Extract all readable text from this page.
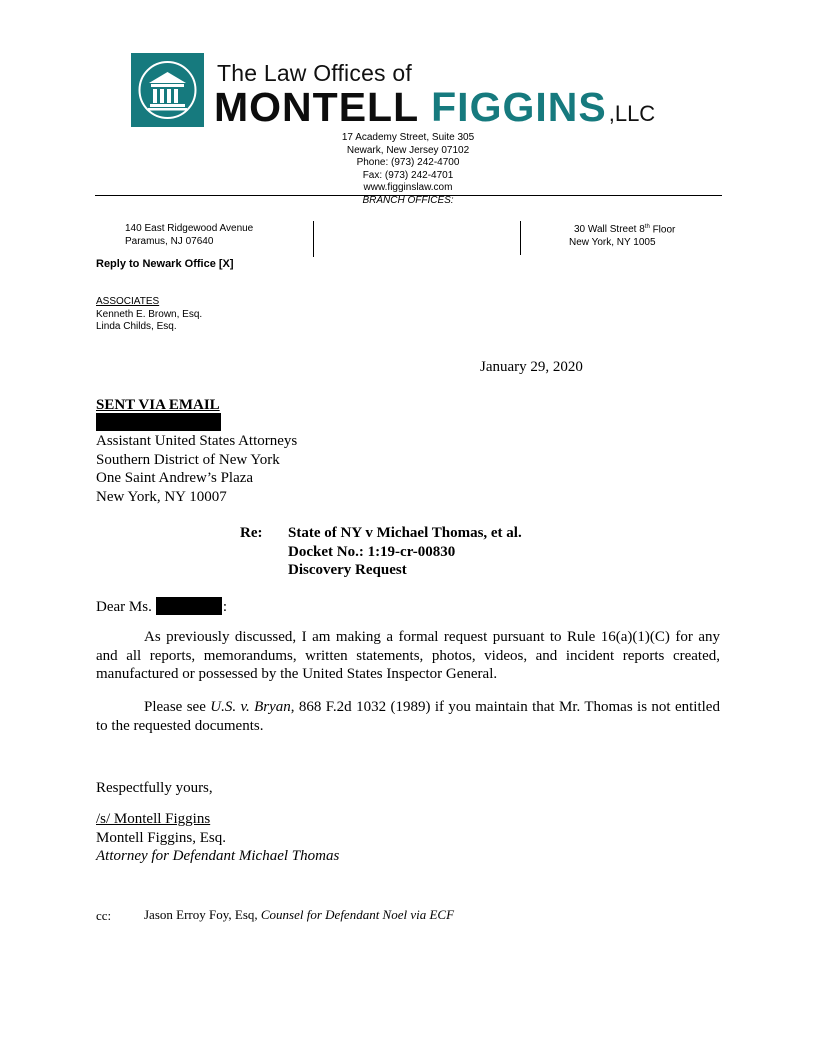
The Law Offices of
MONTELL FIGGINS,LLC
17 Academy Street, Suite 305
Newark, New Jersey 07102
Phone: (973) 242-4700
Fax: (973) 242-4701
www.figginslaw.com
BRANCH OFFICES:
140 East Ridgewood Avenue
Paramus, NJ 07640
30 Wall Street 8th Floor
New York, NY 1005
Reply to Newark Office [X]
ASSOCIATES
Kenneth E. Brown, Esq.
Linda Childs, Esq.
January 29, 2020
SENT VIA EMAIL
Assistant United States Attorneys
Southern District of New York
One Saint Andrew’s Plaza
New York, NY 10007
Re: State of NY v Michael Thomas, et al.
Docket No.: 1:19-cr-00830
Discovery Request
Dear Ms.	:
As previously discussed, I am making a formal request pursuant to Rule 16(a)(1)(C) for any and all reports, memorandums, written statements, photos, videos, and incident reports created, manufactured or possessed by the United States Inspector General.
Please see U.S. v. Bryan, 868 F.2d 1032 (1989) if you maintain that Mr. Thomas is not entitled to the requested documents.
Respectfully yours,
/s/ Montell Figgins
Montell Figgins, Esq.
Attorney for Defendant Michael Thomas
cc:	Jason Erroy Foy, Esq, Counsel for Defendant Noel via ECF
